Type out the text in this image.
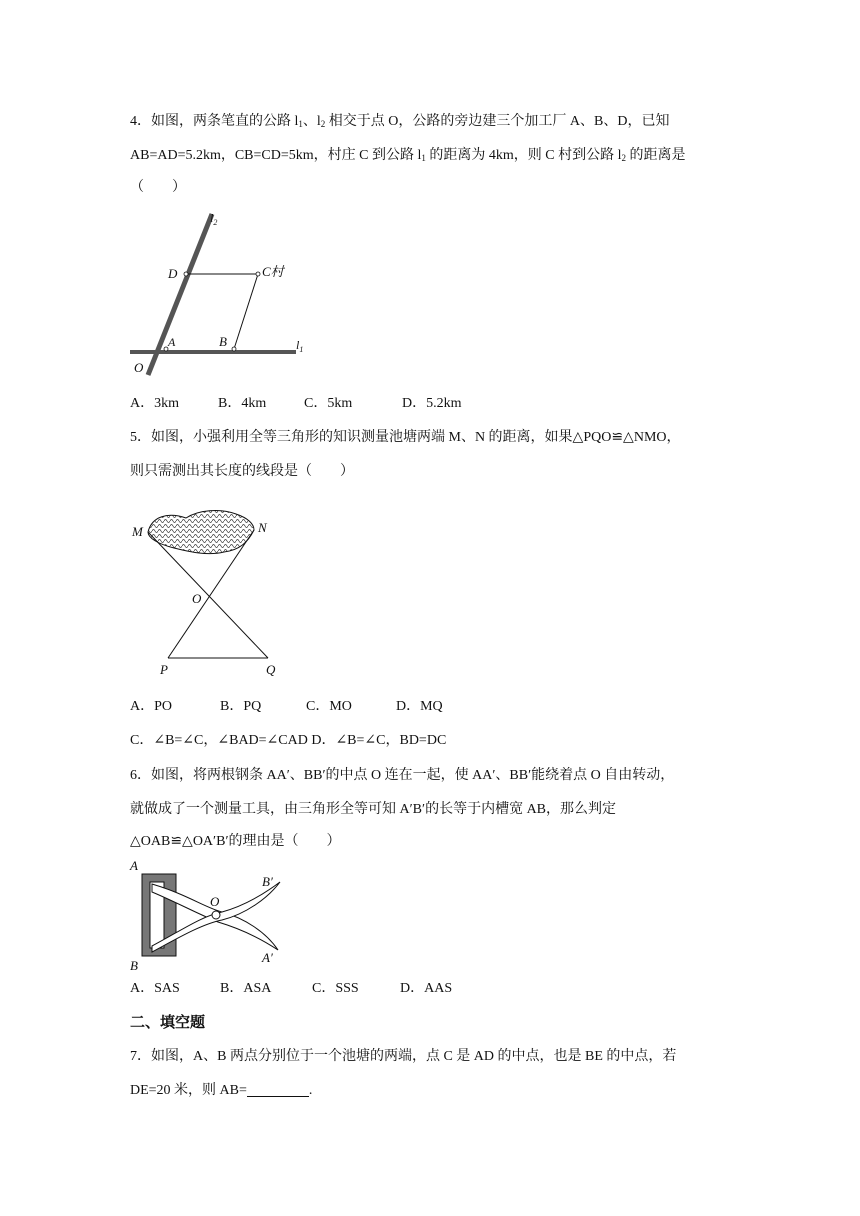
4．如图，两条笔直的公路 $l_1$、$l_2$ 相交于点 O，公路的旁边建三个加工厂 A、B、D，已知
AB=AD=5.2km，CB=CD=5km，村庄 C 到公路 $l_1$ 的距离为 4km，则 C 村到公路 $l_2$ 的距离是
（　　）
$l_2$
D	C村
A	B	$l_1$
O
A．3km	B．4km	C．5km	D．5.2km
5．如图，小强利用全等三角形的知识测量池塘两端 M、N 的距离，如果△PQO≌△NMO，
则只需测出其长度的线段是（　　）
M	N
O
P	Q
A．PO	B．PQ	C．MO	D．MQ
C．∠B=∠C，∠BAD=∠CAD D．∠B=∠C，BD=DC
6．如图，将两根钢条 AA′、BB′的中点 O 连在一起，使 AA′、BB′能绕着点 O 自由转动，
就做成了一个测量工具，由三角形全等可知 A′B′的长等于内槽宽 AB，那么判定
△OAB≌△OA′B′的理由是（　　）
A
B
O
B′
A′
A．SAS	B．ASA	C．SSS	D．AAS
二、填空题
7．如图，A、B 两点分别位于一个池塘的两端，点 C 是 AD 的中点，也是 BE 的中点，若
DE=20 米，则 AB=	.
